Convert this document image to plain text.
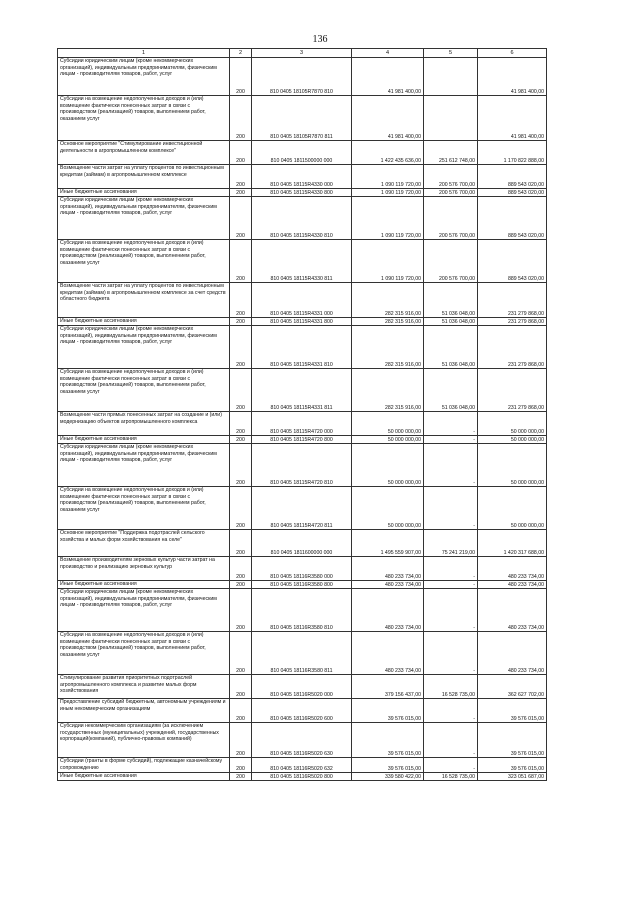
136
1	2	3	4	5	6
Субсидии юридическим лицам (кроме некоммерческих организаций), индивидуальным предпринимателям, физическим лицам - производителям товаров, работ, услуг	200	810 0405 18105R7870 810	41 981 400,00		41 981 400,00
Субсидии на возмещение недополученных доходов и (или) возмещение фактически понесенных затрат в связи с производством (реализацией) товаров, выполнением работ, оказанием услуг	200	810 0405 18105R7870 811	41 981 400,00		41 981 400,00
Основное мероприятие "Стимулирование инвестиционной деятельности в агропромышленном комплексе"	200	810 0405 1811500000 000	1 422 435 636,00	251 612 748,00	1 170 822 888,00
Возмещение части затрат на уплату процентов по инвестиционным кредитам (займам) в агропромышленном комплексе	200	810 0405 18115R4330 000	1 090 119 720,00	200 576 700,00	889 543 020,00
Иные бюджетные ассигнования	200	810 0405 18115R4330 800	1 090 119 720,00	200 576 700,00	889 543 020,00
Субсидии юридическим лицам (кроме некоммерческих организаций), индивидуальным предпринимателям, физическим лицам - производителям товаров, работ, услуг	200	810 0405 18115R4330 810	1 090 119 720,00	200 576 700,00	889 543 020,00
Субсидии на возмещение недополученных доходов и (или) возмещение фактически понесенных затрат в связи с производством (реализацией) товаров, выполнением работ, оказанием услуг	200	810 0405 18115R4330 811	1 090 119 720,00	200 576 700,00	889 543 020,00
Возмещение части затрат на уплату процентов по инвестиционным кредитам (займам) в агропромышленном комплексе за счет средств областного бюджета	200	810 0405 18115R4331 000	282 315 916,00	51 036 048,00	231 279 868,00
Иные бюджетные ассигнования	200	810 0405 18115R4331 800	282 315 916,00	51 036 048,00	231 279 868,00
Субсидии юридическим лицам (кроме некоммерческих организаций), индивидуальным предпринимателям, физическим лицам - производителям товаров, работ, услуг	200	810 0405 18115R4331 810	282 315 916,00	51 036 048,00	231 279 868,00
Субсидии на возмещение недополученных доходов и (или) возмещение фактически понесенных затрат в связи с производством (реализацией) товаров, выполнением работ, оказанием услуг	200	810 0405 18115R4331 811	282 315 916,00	51 036 048,00	231 279 868,00
Возмещение части прямых понесенных затрат на создание и (или) модернизацию объектов агропромышленного комплекса	200	810 0405 18115R4720 000	50 000 000,00	-	50 000 000,00
Иные бюджетные ассигнования	200	810 0405 18115R4720 800	50 000 000,00	-	50 000 000,00
Субсидии юридическим лицам (кроме некоммерческих организаций), индивидуальным предпринимателям, физическим лицам - производителям товаров, работ, услуг	200	810 0405 18115R4720 810	50 000 000,00	-	50 000 000,00
Субсидии на возмещение недополученных доходов и (или) возмещение фактически понесенных затрат в связи с производством (реализацией) товаров, выполнением работ, оказанием услуг	200	810 0405 18115R4720 811	50 000 000,00	-	50 000 000,00
Основное мероприятие "Поддержка подотраслей сельского хозяйства и малых форм хозяйствования на селе"	200	810 0405 1811600000 000	1 495 559 907,00	75 241 219,00	1 420 317 688,00
Возмещение производителям зерновых культур части затрат на производство и реализацию зерновых культур	200	810 0405 18116R3580 000	480 233 734,00	-	480 233 734,00
Иные бюджетные ассигнования	200	810 0405 18116R3580 800	480 233 734,00	-	480 233 734,00
Субсидии юридическим лицам (кроме некоммерческих организаций), индивидуальным предпринимателям, физическим лицам - производителям товаров, работ, услуг	200	810 0405 18116R3580 810	480 233 734,00	-	480 233 734,00
Субсидии на возмещение недополученных доходов и (или) возмещение фактически понесенных затрат в связи с производством (реализацией) товаров, выполнением работ, оказанием услуг	200	810 0405 18116R3580 811	480 233 734,00	-	480 233 734,00
Стимулирование развития приоритетных подотраслей агропромышленного комплекса и развитие малых форм хозяйствования	200	810 0405 18116R5020 000	379 156 437,00	16 528 735,00	362 627 702,00
Предоставление субсидий бюджетным, автономным учреждениям и иным некоммерческим организациям	200	810 0405 18116R5020 600	39 576 015,00	-	39 576 015,00
Субсидии некоммерческим организациям (за исключением государственных (муниципальных) учреждений, государственных корпораций(компаний), публично-правовых компаний)	200	810 0405 18116R5020 630	39 576 015,00	-	39 576 015,00
Субсидии (гранты в форме субсидий), подлежащие казначейскому сопровождению	200	810 0405 18116R5020 632	39 576 015,00	-	39 576 015,00
Иные бюджетные ассигнования	200	810 0405 18116R5020 800	339 580 422,00	16 528 735,00	323 051 687,00
